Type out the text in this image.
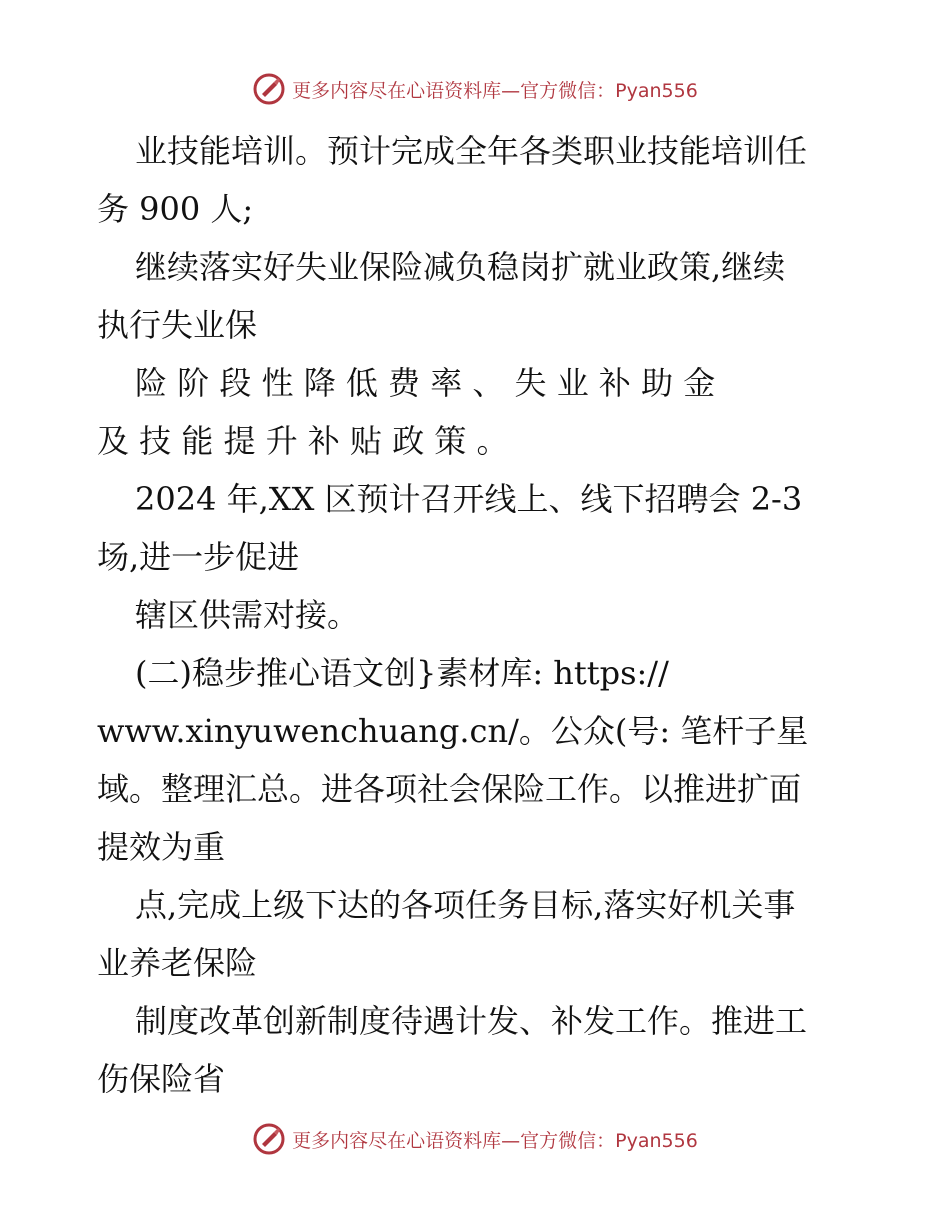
更多内容尽在心语资料库—官方微信：Pyan556
业技能培训。预计完成全年各类职业技能培训任
务 900 人;
继续落实好失业保险减负稳岗扩就业政策,继续
执行失业保
险 阶 段 性 降 低 费 率 、 失 业 补 助 金
及 技 能 提 升 补 贴 政 策 。
2024 年,XX 区预计召开线上、线下招聘会 2-3
场,进一步促进
辖区供需对接。
(二)稳步推心语文创}素材库: https://
www.xinyuwenchuang.cn/。公众(号: 笔杆子星
域。整理汇总。进各项社会保险工作。以推进扩面
提效为重
点,完成上级下达的各项任务目标,落实好机关事
业养老保险
制度改革创新制度待遇计发、补发工作。推进工
伤保险省
更多内容尽在心语资料库—官方微信：Pyan556
